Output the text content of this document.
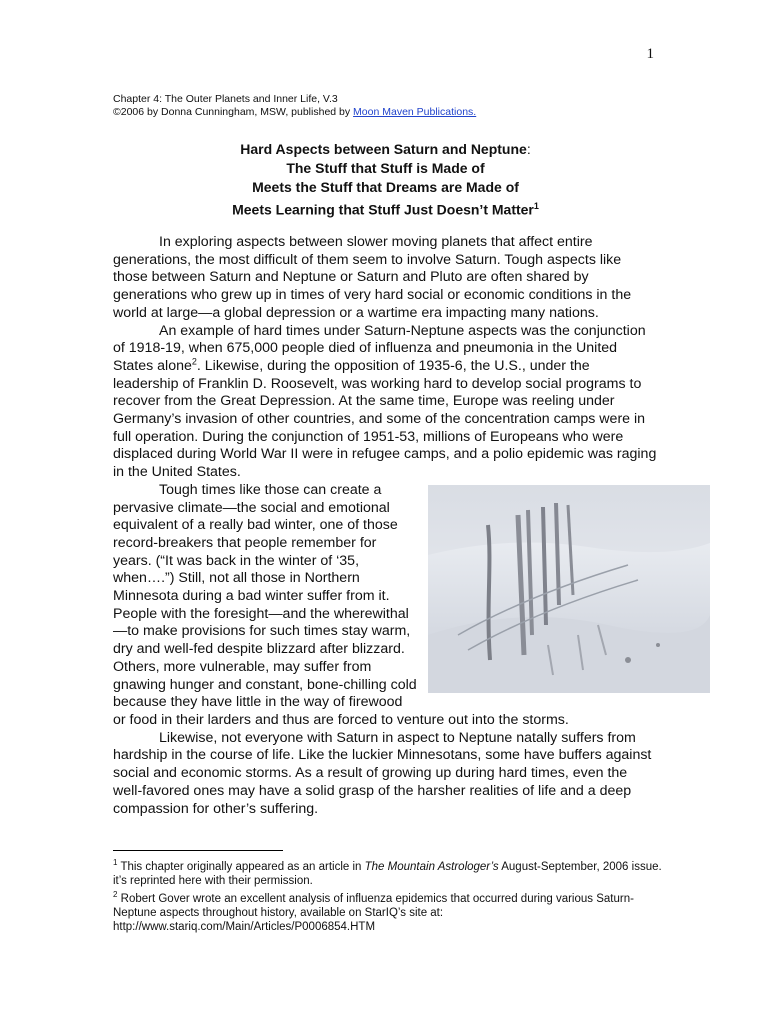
1
Chapter 4: The Outer Planets and Inner Life, V.3
©2006 by Donna Cunningham, MSW, published by Moon Maven Publications.
Hard Aspects between Saturn and Neptune:
The Stuff that Stuff is Made of
Meets the Stuff that Dreams are Made of
Meets Learning that Stuff Just Doesn’t Matter$^1$

In exploring aspects between slower moving planets that affect entire generations, the most difficult of them seem to involve Saturn. Tough aspects like those between Saturn and Neptune or Saturn and Pluto are often shared by generations who grew up in times of very hard social or economic conditions in the world at large—a global depression or a wartime era impacting many nations.

An example of hard times under Saturn-Neptune aspects was the conjunction of 1918-19, when 675,000 people died of influenza and pneumonia in the United States alone$^2$. Likewise, during the opposition of 1935-6, the U.S., under the leadership of Franklin D. Roosevelt, was working hard to develop social programs to recover from the Great Depression. At the same time, Europe was reeling under Germany’s invasion of other countries, and some of the concentration camps were in full operation. During the conjunction of 1951-53, millions of Europeans who were displaced during World War II were in refugee camps, and a polio epidemic was raging in the United States.

Tough times like those can create a pervasive climate—the social and emotional equivalent of a really bad winter, one of those record-breakers that people remember for years. (“It was back in the winter of ‘35, when….”) Still, not all those in Northern Minnesota during a bad winter suffer from it. People with the foresight—and the wherewithal—to make provisions for such times stay warm, dry and well-fed despite blizzard after blizzard. Others, more vulnerable, may suffer from gnawing hunger and constant, bone-chilling cold because they have little in the way of firewood or food in their larders and thus are forced to venture out into the storms.

Likewise, not everyone with Saturn in aspect to Neptune natally suffers from hardship in the course of life. Like the luckier Minnesotans, some have buffers against social and economic storms. As a result of growing up during hard times, even the well-favored ones may have a solid grasp of the harsher realities of life and a deep compassion for other’s suffering.

$^1$ This chapter originally appeared as an article in The Mountain Astrologer’s August-September, 2006 issue. it’s reprinted here with their permission.

$^2$ Robert Gover wrote an excellent analysis of influenza epidemics that occurred during various Saturn-Neptune aspects throughout history, available on StarIQ’s site at:
http://www.stariq.com/Main/Articles/P0006854.HTM
